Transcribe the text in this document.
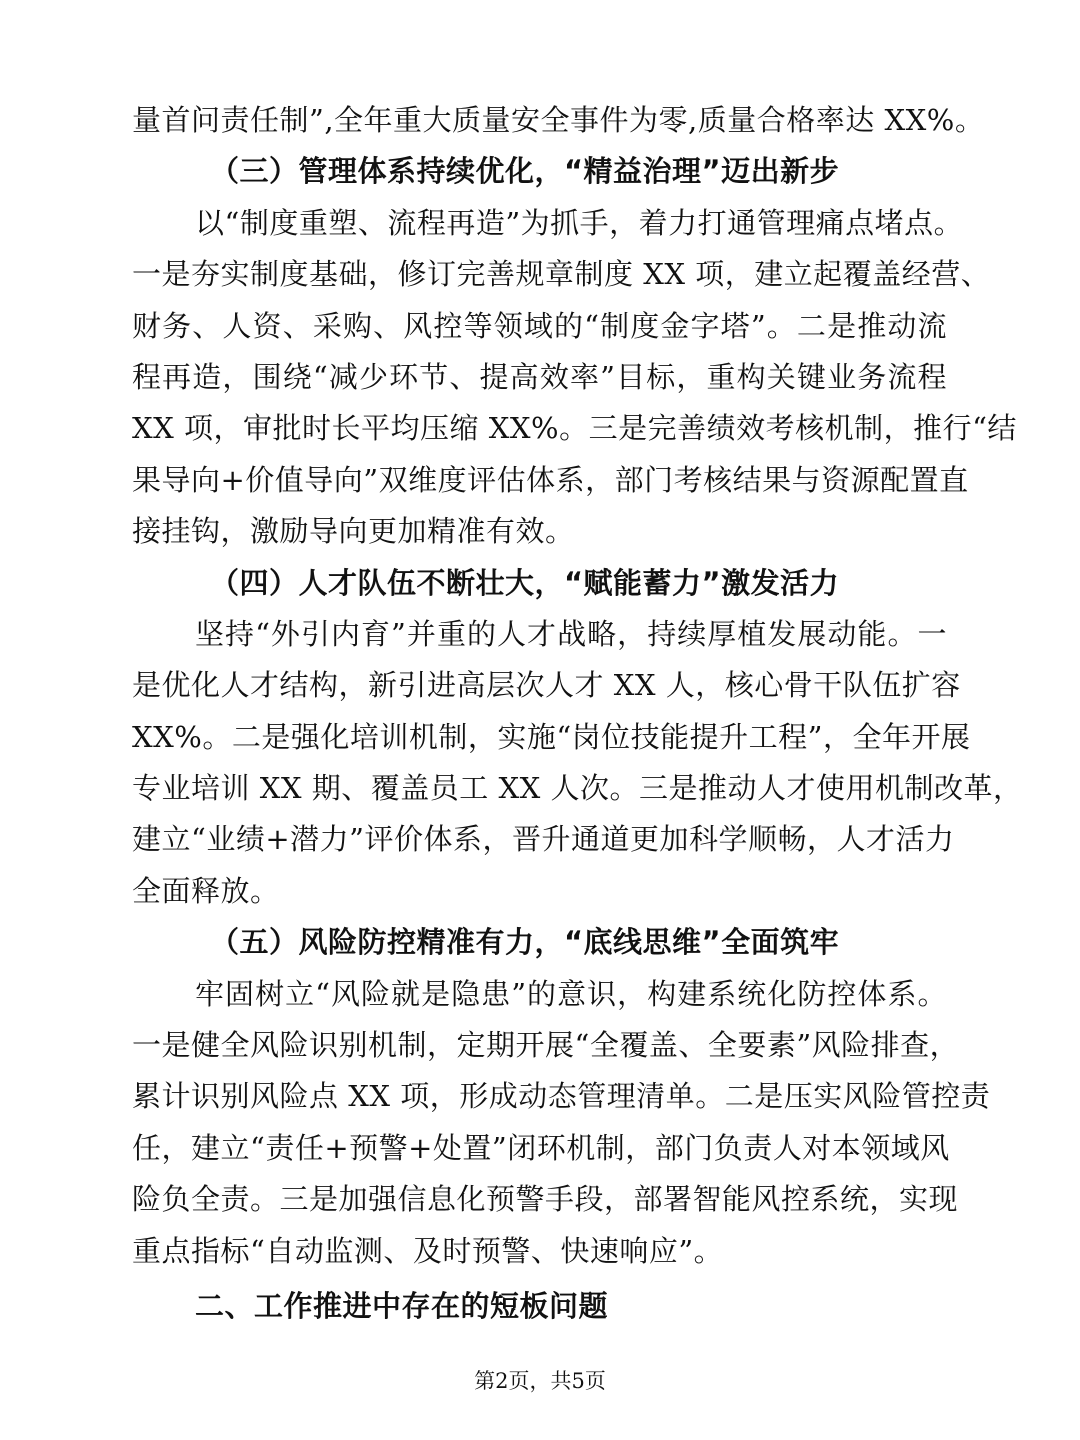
量首问责任制”,全年重大质量安全事件为零,质量合格率达 XX%。
（三）管理体系持续优化，“精益治理”迈出新步
以“制度重塑、流程再造”为抓手，着力打通管理痛点堵点。
一是夯实制度基础，修订完善规章制度 XX 项，建立起覆盖经营、
财务、人资、采购、风控等领域的“制度金字塔”。二是推动流
程再造，围绕“减少环节、提高效率”目标，重构关键业务流程
XX 项，审批时长平均压缩 XX%。三是完善绩效考核机制，推行“结
果导向+价值导向”双维度评估体系，部门考核结果与资源配置直
接挂钩，激励导向更加精准有效。
（四）人才队伍不断壮大，“赋能蓄力”激发活力
坚持“外引内育”并重的人才战略，持续厚植发展动能。一
是优化人才结构，新引进高层次人才 XX 人，核心骨干队伍扩容
XX%。二是强化培训机制，实施“岗位技能提升工程”，全年开展
专业培训 XX 期、覆盖员工 XX 人次。三是推动人才使用机制改革，
建立“业绩+潜力”评价体系，晋升通道更加科学顺畅，人才活力
全面释放。
（五）风险防控精准有力，“底线思维”全面筑牢
牢固树立“风险就是隐患”的意识，构建系统化防控体系。
一是健全风险识别机制，定期开展“全覆盖、全要素”风险排查，
累计识别风险点 XX 项，形成动态管理清单。二是压实风险管控责
任，建立“责任+预警+处置”闭环机制，部门负责人对本领域风
险负全责。三是加强信息化预警手段，部署智能风控系统，实现
重点指标“自动监测、及时预警、快速响应”。
二、工作推进中存在的短板问题
第2页，共5页
